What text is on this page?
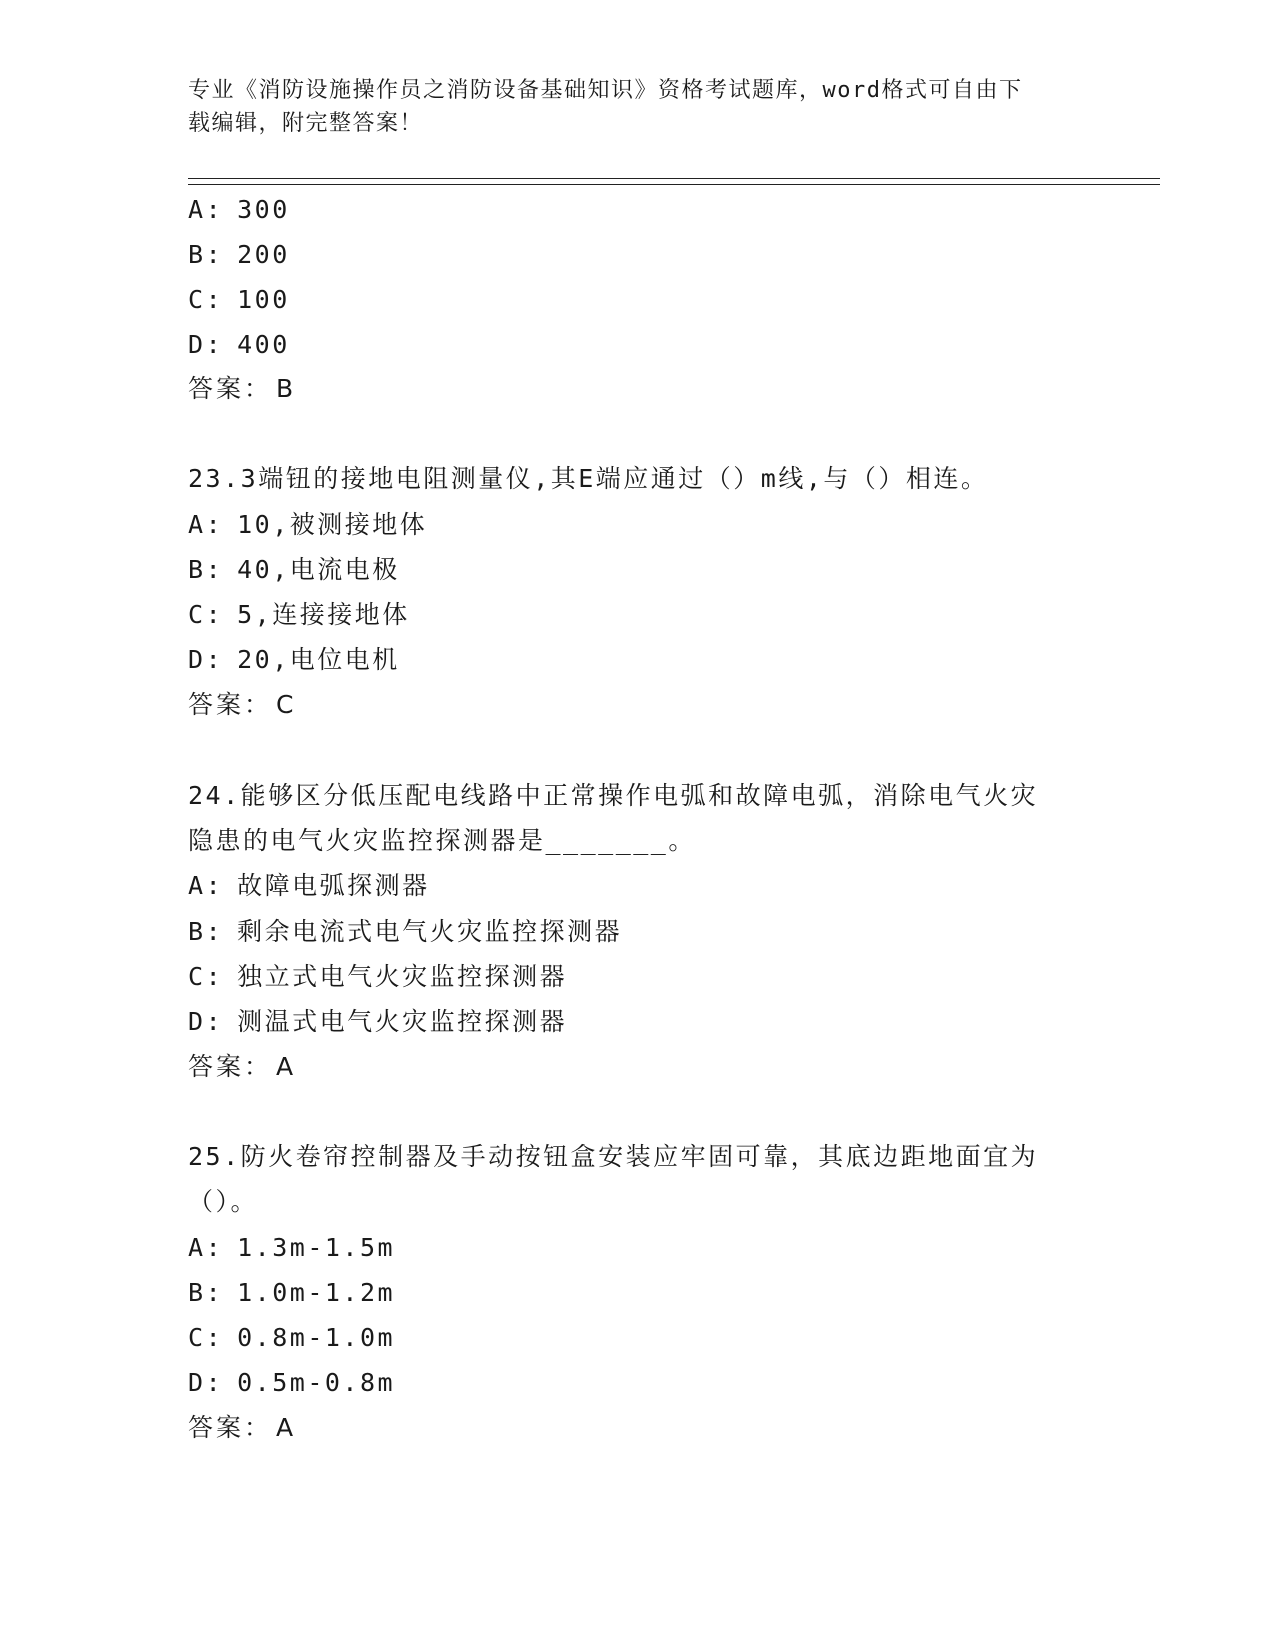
专业《消防设施操作员之消防设备基础知识》资格考试题库，word格式可自由下
载编辑，附完整答案！
A: 300
B: 200
C: 100
D: 400
答案： B
23.3端钮的接地电阻测量仪,其E端应通过（）m线,与（）相连。
A: 10,被测接地体
B: 40,电流电极
C: 5,连接接地体
D: 20,电位电机
答案： C
24.能够区分低压配电线路中正常操作电弧和故障电弧，消除电气火灾
隐患的电气火灾监控探测器是_______。
A: 故障电弧探测器
B: 剩余电流式电气火灾监控探测器
C: 独立式电气火灾监控探测器
D: 测温式电气火灾监控探测器
答案： A
25.防火卷帘控制器及手动按钮盒安装应牢固可靠，其底边距地面宜为
（）。
A: 1.3m-1.5m
B: 1.0m-1.2m
C: 0.8m-1.0m
D: 0.5m-0.8m
答案： A
